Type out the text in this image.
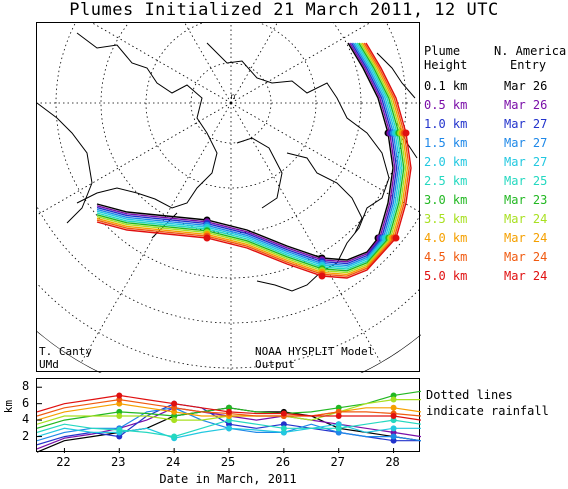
Plumes Initialized 21 March 2011, 12 UTC
n
T. Canty
UMd
NOAA HYSPLIT Model Output
Plume
Height
N. America
Entry
0.1 km	Mar 26
0.5 km	Mar 26
1.0 km	Mar 27
1.5 km	Mar 27
2.0 km	Mar 27
2.5 km	Mar 25
3.0 km	Mar 23
3.5 km	Mar 24
4.0 km	Mar 24
4.5 km	Mar 24
5.0 km	Mar 24
2
4
6
8
km
22	23	24	25	26	27	28
Date in March, 2011
Dotted lines
indicate rainfall
